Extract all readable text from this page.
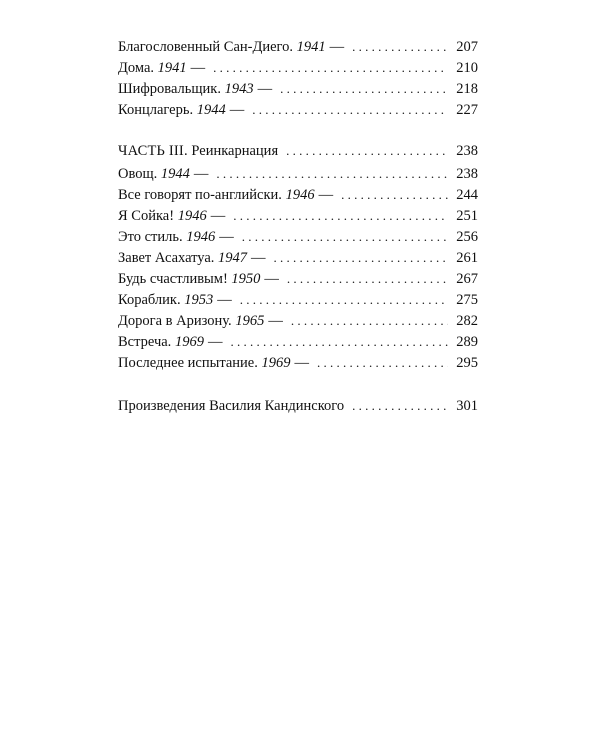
Благословенный Сан-Диего. 1941 — . . .	207
Дома. 1941 — . . .	210
Шифровальщик. 1943 — . . .	218
Концлагерь. 1944 — . . .	227
ЧАСТЬ III. Реинкарнация . . .	238
Овощ. 1944 — . . .	238
Все говорят по-английски. 1946 — . . .	244
Я Сойка! 1946 — . . .	251
Это стиль. 1946 — . . .	256
Завет Асахатуа. 1947 — . . .	261
Будь счастливым! 1950 — . . .	267
Кораблик. 1953 — . . .	275
Дорога в Аризону. 1965 — . . .	282
Встреча. 1969 — . . .	289
Последнее испытание. 1969 — . . .	295
Произведения Василия Кандинского . . .	301
